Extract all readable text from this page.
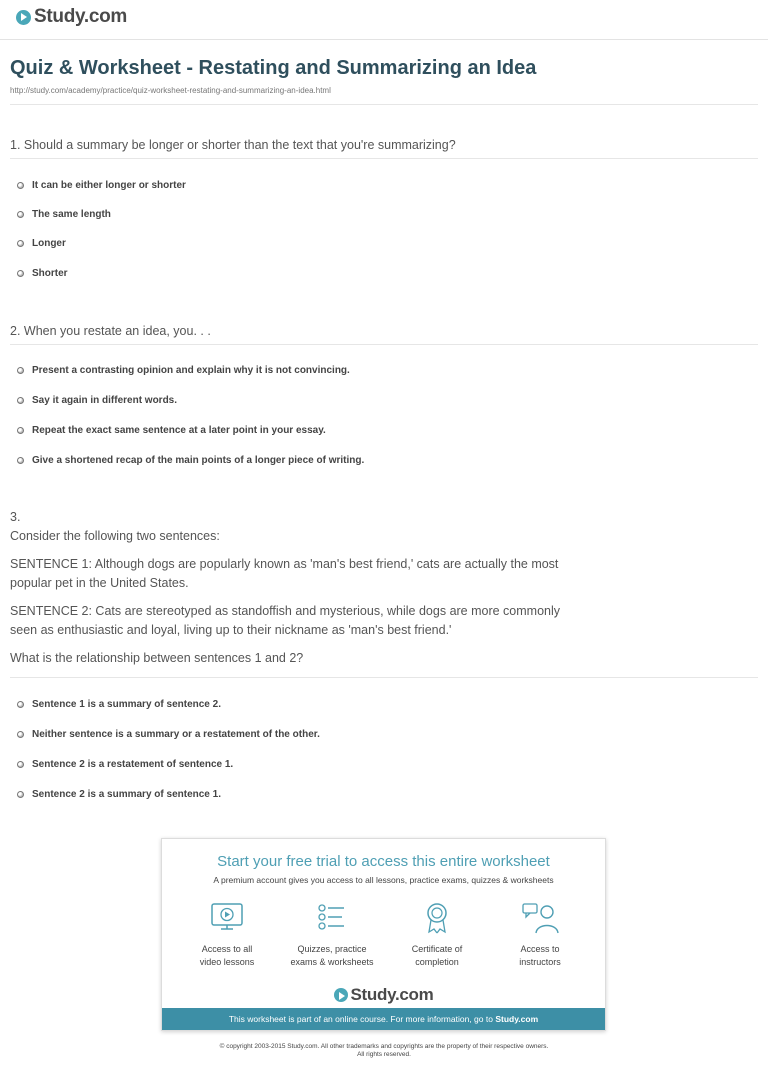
Study.com
Quiz & Worksheet - Restating and Summarizing an Idea
http://study.com/academy/practice/quiz-worksheet-restating-and-summarizing-an-idea.html
1. Should a summary be longer or shorter than the text that you're summarizing?
It can be either longer or shorter
The same length
Longer
Shorter
2. When you restate an idea, you. . .
Present a contrasting opinion and explain why it is not convincing.
Say it again in different words.
Repeat the exact same sentence at a later point in your essay.
Give a shortened recap of the main points of a longer piece of writing.
3.
Consider the following two sentences:
SENTENCE 1: Although dogs are popularly known as 'man's best friend,' cats are actually the most
popular pet in the United States.
SENTENCE 2: Cats are stereotyped as standoffish and mysterious, while dogs are more commonly
seen as enthusiastic and loyal, living up to their nickname as 'man's best friend.'
What is the relationship between sentences 1 and 2?
Sentence 1 is a summary of sentence 2.
Neither sentence is a summary or a restatement of the other.
Sentence 2 is a restatement of sentence 1.
Sentence 2 is a summary of sentence 1.
Start your free trial to access this entire worksheet
A premium account gives you access to all lessons, practice exams, quizzes & worksheets
Access to all
video lessons
Quizzes, practice
exams & worksheets
Certificate of
completion
Access to
instructors
Study.com
This worksheet is part of an online course. For more information, go to Study.com
© copyright 2003-2015 Study.com. All other trademarks and copyrights are the property of their respective owners.
All rights reserved.
